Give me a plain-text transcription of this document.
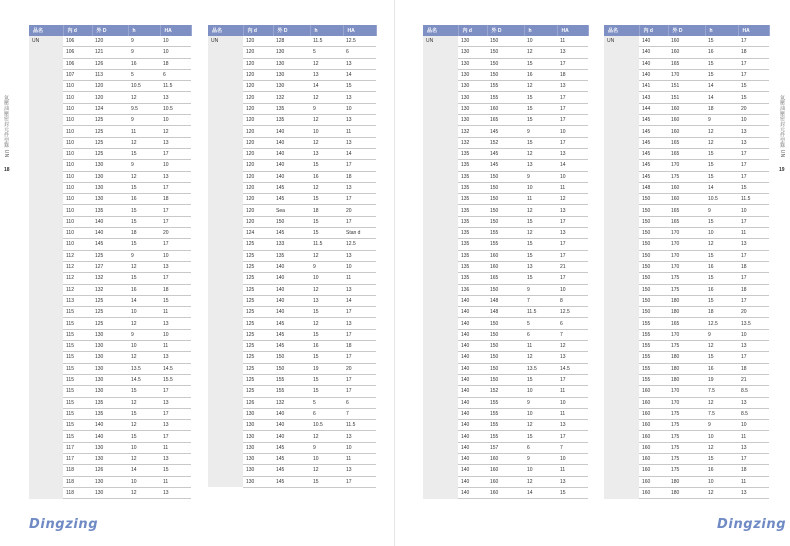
氣壓油壓密封元件型錄 UN
18
氣壓油壓密封元件型錄 UN
19
品名	內 d	外 D	h	HA
UN	106	120	9	10
	106	121	9	10
	106	126	16	18
	107	113	5	6
	110	120	10.5	11.5
	110	120	12	13
	110	124	9.5	10.5
	110	125	9	10
	110	125	11	12
	110	125	12	13
	110	125	15	17
	110	130	9	10
	110	130	12	13
	110	130	15	17
	110	130	16	18
	110	135	15	17
	110	140	15	17
	110	140	18	20
	110	145	15	17
	112	125	9	10
	112	127	12	13
	112	132	15	17
	112	132	16	18
	113	125	14	15
	115	125	10	11
	115	125	12	13
	115	130	9	10
	115	130	10	11
	115	130	12	13
	115	130	13.5	14.5
	115	130	14.5	15.5
	115	130	15	17
	115	135	12	13
	115	135	15	17
	115	140	12	13
	115	140	15	17
	117	130	10	11
	117	130	12	13
	118	126	14	15
	118	130	10	11
	118	130	12	13
品名	內 d	外 D	h	HA
UN	120	128	11.5	12.5
	120	130	5	6
	120	130	12	13
	120	130	13	14
	120	130	14	15
	120	132	12	13
	120	135	9	10
	120	135	12	13
	120	140	10	11
	120	140	12	13
	120	140	13	14
	120	140	15	17
	120	140	16	18
	120	145	12	13
	120	145	15	17
	120	Sea	18	20
	120	150	15	17
	124	145	15	Stan d
	125	133	11.5	12.5
	125	135	12	13
	125	140	9	10
	125	140	10	11
	125	140	12	13
	125	140	13	14
	125	140	15	17
	125	145	12	13
	125	145	15	17
	125	145	16	18
	125	150	15	17
	125	150	19	20
	125	155	15	17
	125	155	15	17
	126	132	5	6
	130	140	6	7
	130	140	10.5	11.5
	130	140	12	13
	130	145	9	10
	130	145	10	11
	130	145	12	13
	130	145	15	17
品名	內 d	外 D	h	HA
UN	130	150	10	11
	130	150	12	13
	130	150	15	17
	130	150	16	18
	130	155	12	13
	130	155	15	17
	130	160	15	17
	130	165	15	17
	132	145	9	10
	132	152	15	17
	135	145	12	13
	135	145	13	14
	135	150	9	10
	135	150	10	11
	135	150	11	12
	135	150	12	13
	135	150	15	17
	135	155	12	13
	135	155	15	17
	135	160	15	17
	135	160	13	21
	135	165	15	17
	136	150	9	10
	140	148	7	8
	140	148	11.5	12.5
	140	150	5	6
	140	150	6	7
	140	150	11	12
	140	150	12	13
	140	150	13.5	14.5
	140	150	15	17
	140	152	10	11
	140	155	9	10
	140	155	10	11
	140	155	12	13
	140	155	15	17
	140	157	6	7
	140	160	9	10
	140	160	10	11
	140	160	12	13
	140	160	14	15
品名	內 d	外 D	h	HA
UN	140	160	15	17
	140	160	16	18
	140	165	15	17
	140	170	15	17
	141	151	14	15
	143	151	14	15
	144	160	18	20
	145	160	9	10
	145	160	12	13
	145	165	12	13
	145	165	15	17
	145	170	15	17
	145	175	15	17
	148	160	14	15
	150	160	10.5	11.5
	150	165	9	10
	150	165	15	17
	150	170	10	11
	150	170	12	13
	150	170	15	17
	150	170	16	18
	150	175	15	17
	150	175	16	18
	150	180	15	17
	150	180	18	20
	155	165	12.5	13.5
	155	170	9	10
	155	175	12	13
	155	180	15	17
	155	180	16	18
	155	180	19	21
	160	170	7.5	8.5
	160	170	12	13
	160	175	7.5	8.5
	160	175	9	10
	160	175	10	11
	160	175	12	13
	160	175	15	17
	160	175	16	18
	160	180	10	11
	160	180	12	13
Dingzing	Dingzing
